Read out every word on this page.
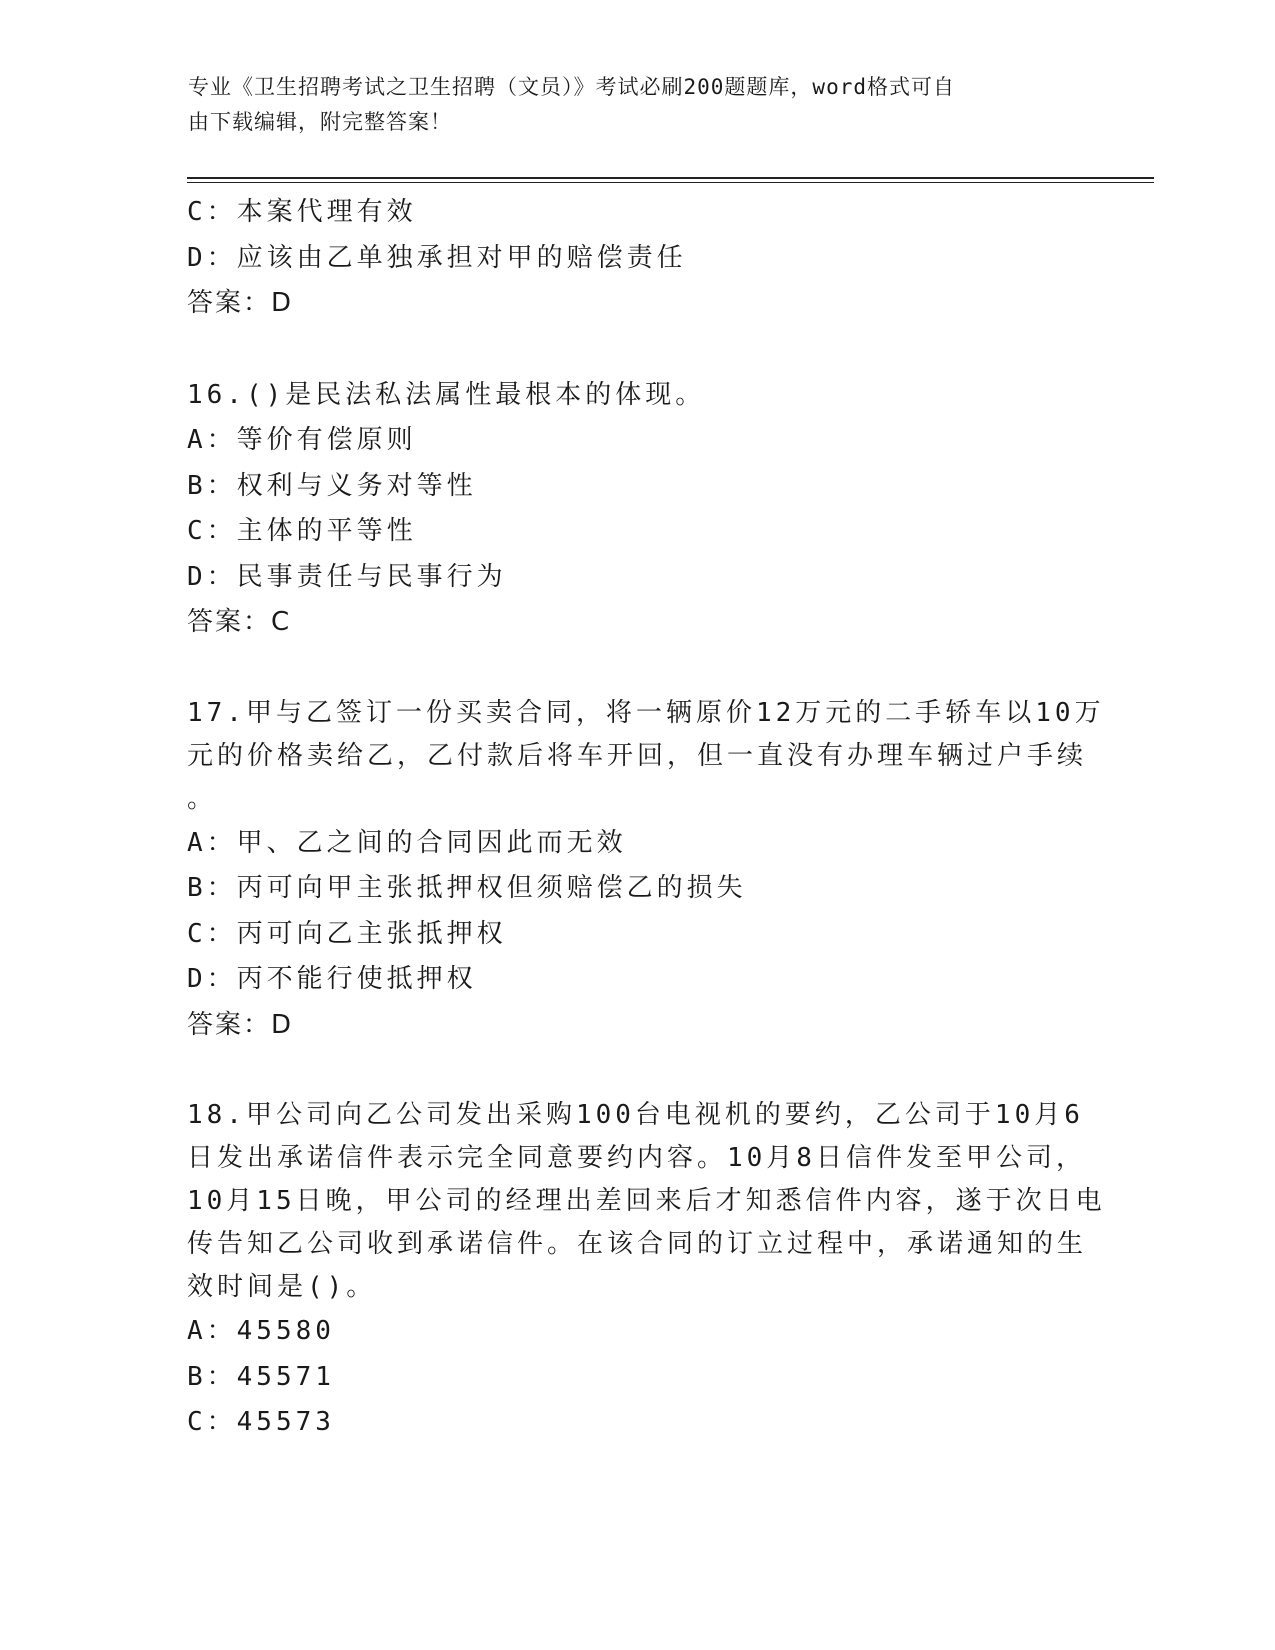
专业《卫生招聘考试之卫生招聘（文员）》考试必刷200题题库，word格式可自
由下载编辑，附完整答案！
C：本案代理有效
D：应该由乙单独承担对甲的赔偿责任
答案：D
16.()是民法私法属性最根本的体现。
A：等价有偿原则
B：权利与义务对等性
C：主体的平等性
D：民事责任与民事行为
答案：C
17.甲与乙签订一份买卖合同，将一辆原价12万元的二手轿车以10万
元的价格卖给乙，乙付款后将车开回，但一直没有办理车辆过户手续
。
A：甲、乙之间的合同因此而无效
B：丙可向甲主张抵押权但须赔偿乙的损失
C：丙可向乙主张抵押权
D：丙不能行使抵押权
答案：D
18.甲公司向乙公司发出采购100台电视机的要约，乙公司于10月6
日发出承诺信件表示完全同意要约内容。10月8日信件发至甲公司，
10月15日晚，甲公司的经理出差回来后才知悉信件内容，遂于次日电
传告知乙公司收到承诺信件。在该合同的订立过程中，承诺通知的生
效时间是()。
A：45580
B：45571
C：45573
